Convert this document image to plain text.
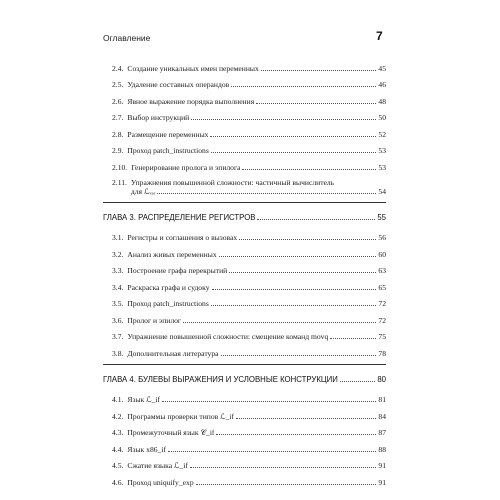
Оглавление	7
2.4. Создание уникальных имен переменных	45
2.5. Удаление составных операндов	46
2.6. Явное выражение порядка выполнения	48
2.7. Выбор инструкций	50
2.8. Размещение переменных	52
2.9. Проход patch_instructions	53
2.10. Генерирование пролога и эпилога	53
2.11. Упражнения повышенной сложности: частичный вычислитель
для ℒᵥₐᵣ	54
ГЛАВА 3. РАСПРЕДЕЛЕНИЕ РЕГИСТРОВ	55
3.1. Регистры и соглашения о вызовах	56
3.2. Анализ живых переменных	60
3.3. Построение графа перекрытий	63
3.4. Раскраска графа и судоку	65
3.5. Проход patch_instructions	72
3.6. Пролог и эпилог	72
3.7. Упражнение повышенной сложности: смещение команд movq	75
3.8. Дополнительная литература	78
ГЛАВА 4. БУЛЕВЫ ВЫРАЖЕНИЯ И УСЛОВНЫЕ КОНСТРУКЦИИ	80
4.1. Язык ℒ_if	81
4.2. Программы проверки типов ℒ_if	84
4.3. Промежуточный язык 𝒞_if	87
4.4. Язык x86_if	88
4.5. Сжатие языка ℒ_if	91
4.6. Проход uniquify_exp	91
